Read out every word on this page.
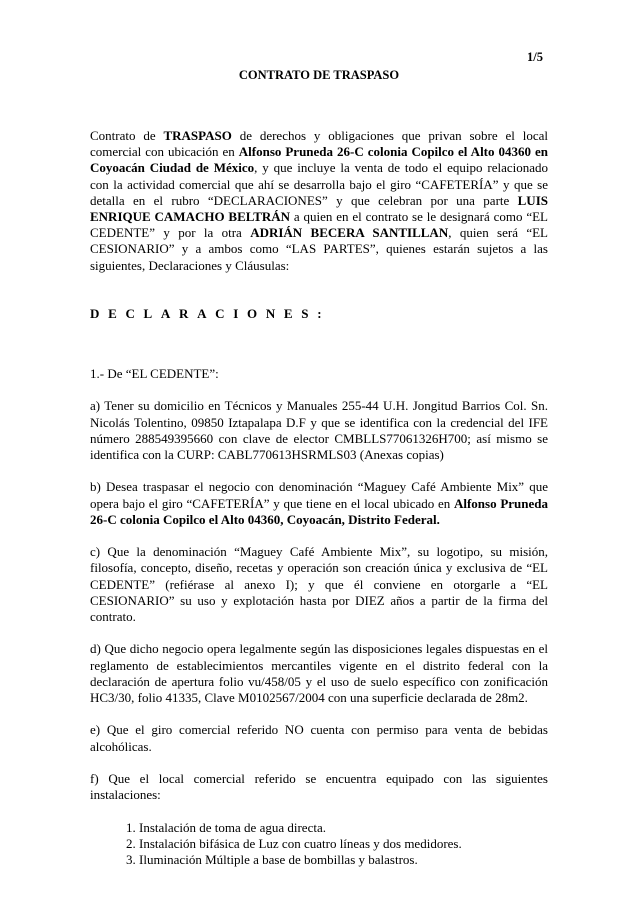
1/5
CONTRATO DE TRASPASO

Contrato de TRASPASO de derechos y obligaciones que privan sobre el local comercial con ubicación en Alfonso Pruneda 26-C colonia Copilco el Alto 04360 en Coyoacán Ciudad de México, y que incluye la venta de todo el equipo relacionado con la actividad comercial que ahí se desarrolla bajo el giro “CAFETERÍA” y que se detalla en el rubro “DECLARACIONES” y que celebran por una parte LUIS ENRIQUE CAMACHO BELTRÁN a quien en el contrato se le designará como “EL CEDENTE” y por la otra ADRIÁN BECERA SANTILLAN, quien será “EL CESIONARIO” y a ambos como “LAS PARTES”, quienes estarán sujetos a las siguientes, Declaraciones y Cláusulas:

DECLARACIONES:

1.- De “EL CEDENTE”:

a) Tener su domicilio en Técnicos y Manuales 255-44 U.H. Jongitud Barrios Col. Sn. Nicolás Tolentino, 09850 Iztapalapa D.F y que se identifica con la credencial del IFE número 288549395660 con clave de elector CMBLLS77061326H700; así mismo se identifica con la CURP: CABL770613HSRMLS03 (Anexas copias)

b) Desea traspasar el negocio con denominación “Maguey Café Ambiente Mix” que opera bajo el giro “CAFETERÍA” y que tiene en el local ubicado en Alfonso Pruneda 26-C colonia Copilco el Alto 04360, Coyoacán, Distrito Federal.

c) Que la denominación “Maguey Café Ambiente Mix”, su logotipo, su misión, filosofía, concepto, diseño, recetas y operación son creación única y exclusiva de “EL CEDENTE” (refiérase al anexo I); y que él conviene en otorgarle a “EL CESIONARIO” su uso y explotación hasta por DIEZ años a partir de la firma del contrato.

d) Que dicho negocio opera legalmente según las disposiciones legales dispuestas en el reglamento de establecimientos mercantiles vigente en el distrito federal con la declaración de apertura folio vu/458/05 y el uso de suelo específico con zonificación HC3/30, folio 41335, Clave M0102567/2004 con una superficie declarada de 28m2.

e) Que el giro comercial referido NO cuenta con permiso para venta de bebidas alcohólicas.

f) Que el local comercial referido se encuentra equipado con las siguientes instalaciones:

1. Instalación de toma de agua directa.
2. Instalación bifásica de Luz con cuatro líneas y dos medidores.
3. Iluminación Múltiple a base de bombillas y balastros.
